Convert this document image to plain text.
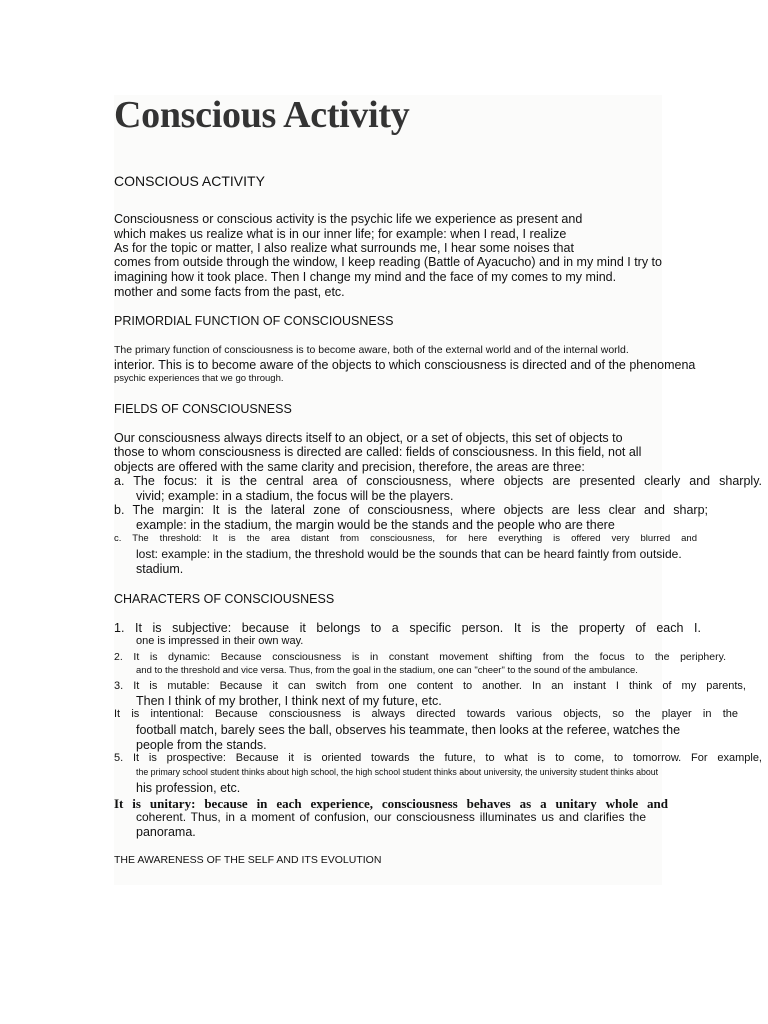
Conscious Activity
CONSCIOUS ACTIVITY
Consciousness or conscious activity is the psychic life we experience as present and
which makes us realize what is in our inner life; for example: when I read, I realize
As for the topic or matter, I also realize what surrounds me, I hear some noises that
comes from outside through the window, I keep reading (Battle of Ayacucho) and in my mind I try to
imagining how it took place. Then I change my mind and the face of my comes to my mind.
mother and some facts from the past, etc.
PRIMORDIAL FUNCTION OF CONSCIOUSNESS
The primary function of consciousness is to become aware, both of the external world and of the internal world.
interior. This is to become aware of the objects to which consciousness is directed and of the phenomena
psychic experiences that we go through.
FIELDS OF CONSCIOUSNESS
Our consciousness always directs itself to an object, or a set of objects, this set of objects to
those to whom consciousness is directed are called: fields of consciousness. In this field, not all
objects are offered with the same clarity and precision, therefore, the areas are three:
a. The focus: it is the central area of consciousness, where objects are presented clearly and sharply.
vivid; example: in a stadium, the focus will be the players.
b. The margin: It is the lateral zone of consciousness, where objects are less clear and sharp;
example: in the stadium, the margin would be the stands and the people who are there
c. The threshold: It is the area distant from consciousness, for here everything is offered very blurred and
lost: example: in the stadium, the threshold would be the sounds that can be heard faintly from outside.
stadium.
CHARACTERS OF CONSCIOUSNESS
1. It is subjective: because it belongs to a specific person. It is the property of each I.
one is impressed in their own way.
2. It is dynamic: Because consciousness is in constant movement shifting from the focus to the periphery.
and to the threshold and vice versa. Thus, from the goal in the stadium, one can "cheer" to the sound of the ambulance.
3. It is mutable: Because it can switch from one content to another. In an instant I think of my parents,
Then I think of my brother, I think next of my future, etc.
It is intentional: Because consciousness is always directed towards various objects, so the player in the
football match, barely sees the ball, observes his teammate, then looks at the referee, watches the
people from the stands.
5. It is prospective: Because it is oriented towards the future, to what is to come, to tomorrow. For example,
the primary school student thinks about high school, the high school student thinks about university, the university student thinks about
his profession, etc.
It is unitary: because in each experience, consciousness behaves as a unitary whole and
coherent. Thus, in a moment of confusion, our consciousness illuminates us and clarifies the
panorama.
THE AWARENESS OF THE SELF AND ITS EVOLUTION
